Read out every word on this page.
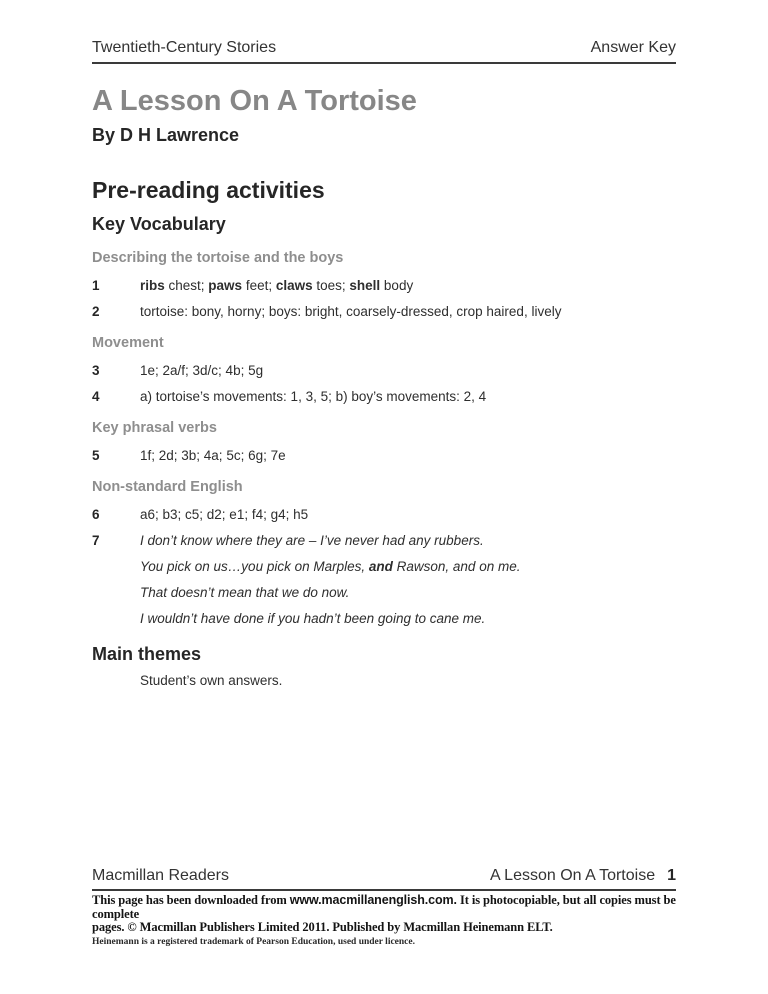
Twentieth-Century Stories	Answer Key
A Lesson On A Tortoise
By D H Lawrence
Pre-reading activities
Key Vocabulary
Describing the tortoise and the boys
1	ribs chest; paws feet; claws toes; shell body
2	tortoise: bony, horny; boys: bright, coarsely-dressed, crop haired, lively
Movement
3	1e; 2a/f; 3d/c; 4b; 5g
4	a) tortoise’s movements: 1, 3, 5; b) boy’s movements: 2, 4
Key phrasal verbs
5	1f; 2d; 3b; 4a; 5c; 6g; 7e
Non-standard English
6	a6; b3; c5; d2; e1; f4; g4; h5
7	I don’t know where they are – I’ve never had any rubbers.
You pick on us…you pick on Marples, and Rawson, and on me.
That doesn’t mean that we do now.
I wouldn’t have done if you hadn’t been going to cane me.
Main themes
Student’s own answers.
Macmillan Readers	A Lesson On A Tortoise 1
This page has been downloaded from www.macmillanenglish.com. It is photocopiable, but all copies must be complete
pages. © Macmillan Publishers Limited 2011. Published by Macmillan Heinemann ELT.
Heinemann is a registered trademark of Pearson Education, used under licence.
